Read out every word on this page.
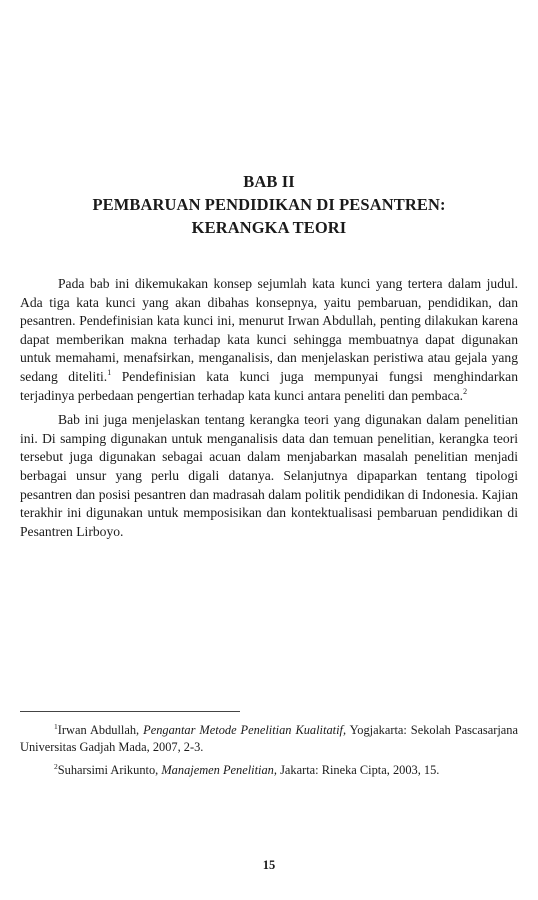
BAB II
PEMBARUAN PENDIDIKAN DI PESANTREN:
KERANGKA TEORI

Pada bab ini dikemukakan konsep sejumlah kata kunci yang tertera dalam judul. Ada tiga kata kunci yang akan dibahas konsepnya, yaitu pembaruan, pendidikan, dan pesantren. Pendefinisian kata kunci ini, menurut Irwan Abdullah, penting dilakukan karena dapat memberikan makna terhadap kata kunci sehingga membuatnya dapat digunakan untuk memahami, menafsirkan, menganalisis, dan menjelaskan peristiwa atau gejala yang sedang diteliti.$^1$ Pendefinisian kata kunci juga mempunyai fungsi menghindarkan terjadinya perbedaan pengertian terhadap kata kunci antara peneliti dan pembaca.$^2$

Bab ini juga menjelaskan tentang kerangka teori yang digunakan dalam penelitian ini. Di samping digunakan untuk menganalisis data dan temuan penelitian, kerangka teori tersebut juga digunakan sebagai acuan dalam menjabarkan masalah penelitian menjadi berbagai unsur yang perlu digali datanya. Selanjutnya dipaparkan tentang tipologi pesantren dan posisi pesantren dan madrasah dalam politik pendidikan di Indonesia. Kajian terakhir ini digunakan untuk memposisikan dan kontektualisasi pembaruan pendidikan di Pesantren Lirboyo.

$^1$Irwan Abdullah, Pengantar Metode Penelitian Kualitatif, Yogjakarta: Sekolah Pascasarjana Universitas Gadjah Mada, 2007, 2-3.

$^2$Suharsimi Arikunto, Manajemen Penelitian, Jakarta: Rineka Cipta, 2003, 15.

15
